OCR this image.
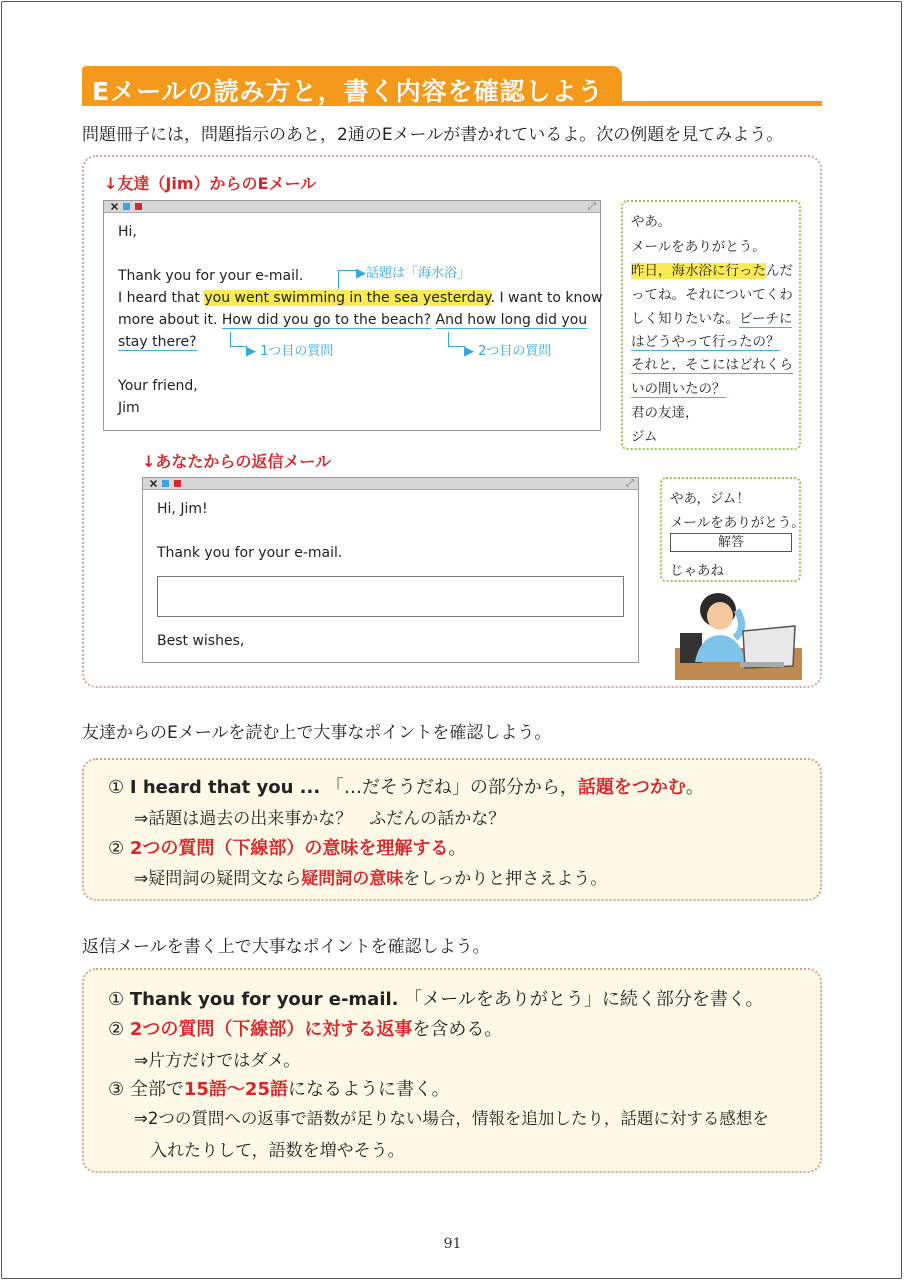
Eメールの読み方と，書く内容を確認しよう
問題冊子には，問題指示のあと，2通のEメールが書かれているよ。次の例題を見てみよう。
↓友達（Jim）からのEメール
⤢
Hi,
Thank you for your e-mail.
I heard that you went swimming in the sea yesterday. I want to know
more about it. How did you go to the beach? And how long did you
stay there?
Your friend,
Jim
▶話題は「海水浴」
▶ 1つ目の質問	▶ 2つ目の質問
やあ。
メールをありがとう。
昨日，海水浴に行ったんだ
ってね。それについてくわ
しく知りたいな。ビーチに
はどうやって行ったの？
それと，そこにはどれくら
いの間いたの？
君の友達，
ジム
↓あなたからの返信メール
⤢
Hi, Jim!
Thank you for your e-mail.
Best wishes,
やあ，ジム！
メールをありがとう。
解答
じゃあね
友達からのEメールを読む上で大事なポイントを確認しよう。
① I heard that you ... 「…だそうだね」の部分から，話題をつかむ。
⇒話題は過去の出来事かな？　ふだんの話かな？
② 2つの質問（下線部）の意味を理解する。
⇒疑問詞の疑問文なら疑問詞の意味をしっかりと押さえよう。
返信メールを書く上で大事なポイントを確認しよう。
① Thank you for your e-mail. 「メールをありがとう」に続く部分を書く。
② 2つの質問（下線部）に対する返事を含める。
⇒片方だけではダメ。
③ 全部で15語～25語になるように書く。
⇒2つの質問への返事で語数が足りない場合，情報を追加したり，話題に対する感想を
入れたりして，語数を増やそう。
91
